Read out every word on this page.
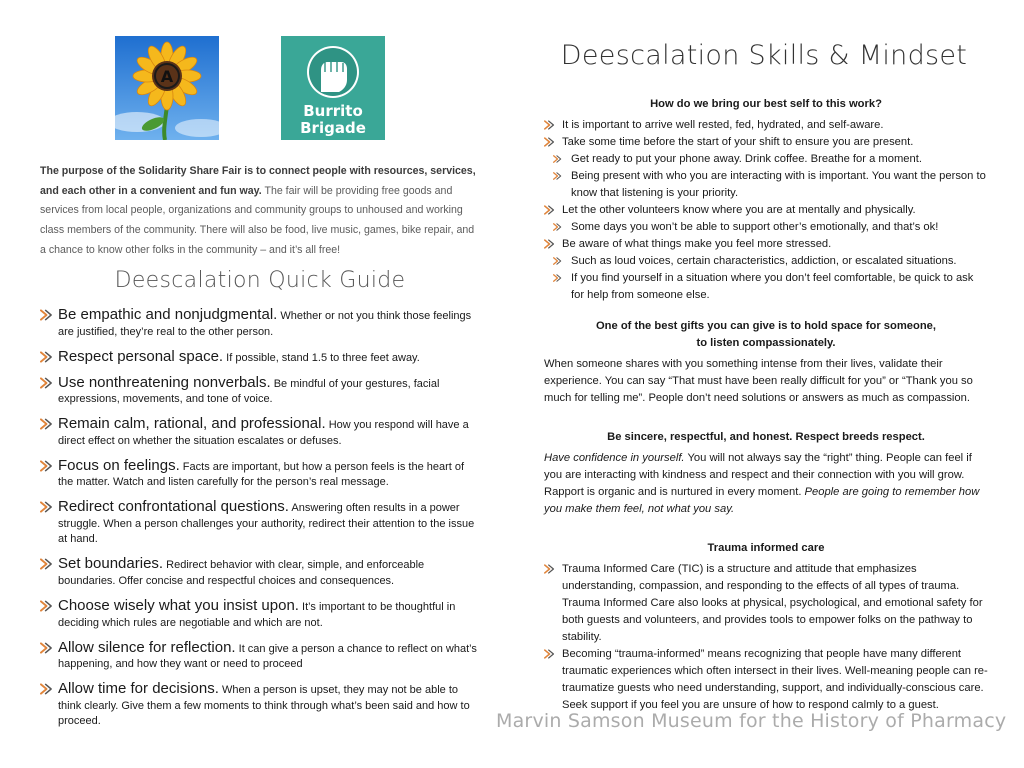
A
Burrito
Brigade

The purpose of the Solidarity Share Fair is to connect people with resources, services, and each other in a convenient and fun way. The fair will be providing free goods and services from local people, organizations and community groups to unhoused and working class members of the community. There will also be food, live music, games, bike repair, and a chance to know other folks in the community – and it’s all free!

Deescalation Quick Guide
Be empathic and nonjudgmental. Whether or not you think those feelings are justified, they’re real to the other person.
Respect personal space. If possible, stand 1.5 to three feet away.
Use nonthreatening nonverbals. Be mindful of your gestures, facial expressions, movements, and tone of voice.
Remain calm, rational, and professional. How you respond will have a direct effect on whether the situation escalates or defuses.
Focus on feelings. Facts are important, but how a person feels is the heart of the matter. Watch and listen carefully for the person’s real message.
Redirect confrontational questions. Answering often results in a power struggle. When a person challenges your authority, redirect their attention to the issue at hand.
Set boundaries. Redirect behavior with clear, simple, and enforceable boundaries. Offer concise and respectful choices and consequences.
Choose wisely what you insist upon. It’s important to be thoughtful in deciding which rules are negotiable and which are not.
Allow silence for reflection. It can give a person a chance to reflect on what’s happening, and how they want or need to proceed
Allow time for decisions. When a person is upset, they may not be able to think clearly. Give them a few moments to think through what’s been said and how to proceed.
Deescalation Skills & Mindset

How do we bring our best self to this work?

It is important to arrive well rested, fed, hydrated, and self-aware.
Take some time before the start of your shift to ensure you are present.
Get ready to put your phone away. Drink coffee. Breathe for a moment.
Being present with who you are interacting with is important. You want the person to know that listening is your priority.
Let the other volunteers know where you are at mentally and physically.
Some days you won’t be able to support other’s emotionally, and that’s ok!
Be aware of what things make you feel more stressed.
Such as loud voices, certain characteristics, addiction, or escalated situations.
If you find yourself in a situation where you don’t feel comfortable, be quick to ask for help from someone else.

One of the best gifts you can give is to hold space for someone,

to listen compassionately.

When someone shares with you something intense from their lives, validate their experience. You can say “That must have been really difficult for you” or “Thank you so much for telling me”. People don’t need solutions or answers as much as compassion.

Be sincere, respectful, and honest. Respect breeds respect.

Have confidence in yourself. You will not always say the “right” thing. People can feel if you are interacting with kindness and respect and their connection with you will grow. Rapport is organic and is nurtured in every moment. People are going to remember how you make them feel, not what you say.

Trauma informed care

Trauma Informed Care (TIC) is a structure and attitude that emphasizes understanding, compassion, and responding to the effects of all types of trauma. Trauma Informed Care also looks at physical, psychological, and emotional safety for both guests and volunteers, and provides tools to empower folks on the pathway to stability.
Becoming “trauma-informed” means recognizing that people have many different traumatic experiences which often intersect in their lives. Well-meaning people can re-traumatize guests who need understanding, support, and individually-conscious care. Seek support if you feel you are unsure of how to respond calmly to a guest.
Marvin Samson Museum for the History of Pharmacy
